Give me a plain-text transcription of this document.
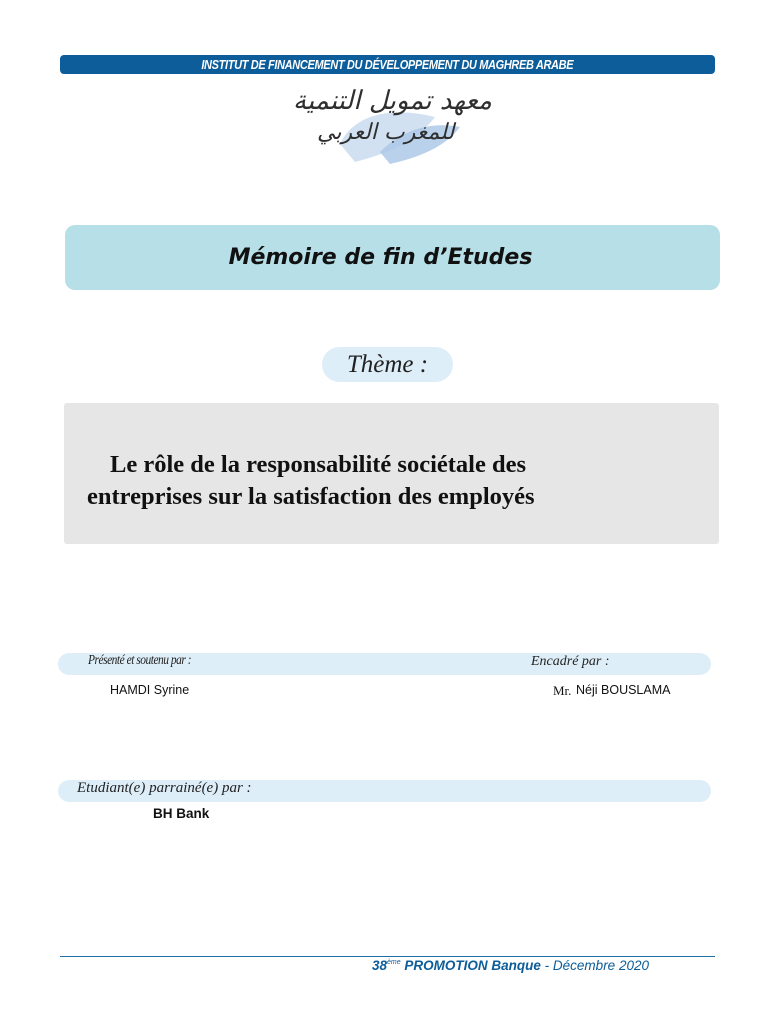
INSTITUT DE FINANCEMENT DU DÉVELOPPEMENT DU MAGHREB ARABE
معهد تمويل التنمية
للمغرب العربي
Mémoire de fin d’Etudes
Thème :
Le rôle de la responsabilité sociétale des
entreprises sur la satisfaction des employés
Présenté et soutenu par :	Encadré par :
HAMDI Syrine	Mr. Néji BOUSLAMA
Etudiant(e) parrainé(e) par :
BH Bank
38ème PROMOTION Banque - Décembre 2020
